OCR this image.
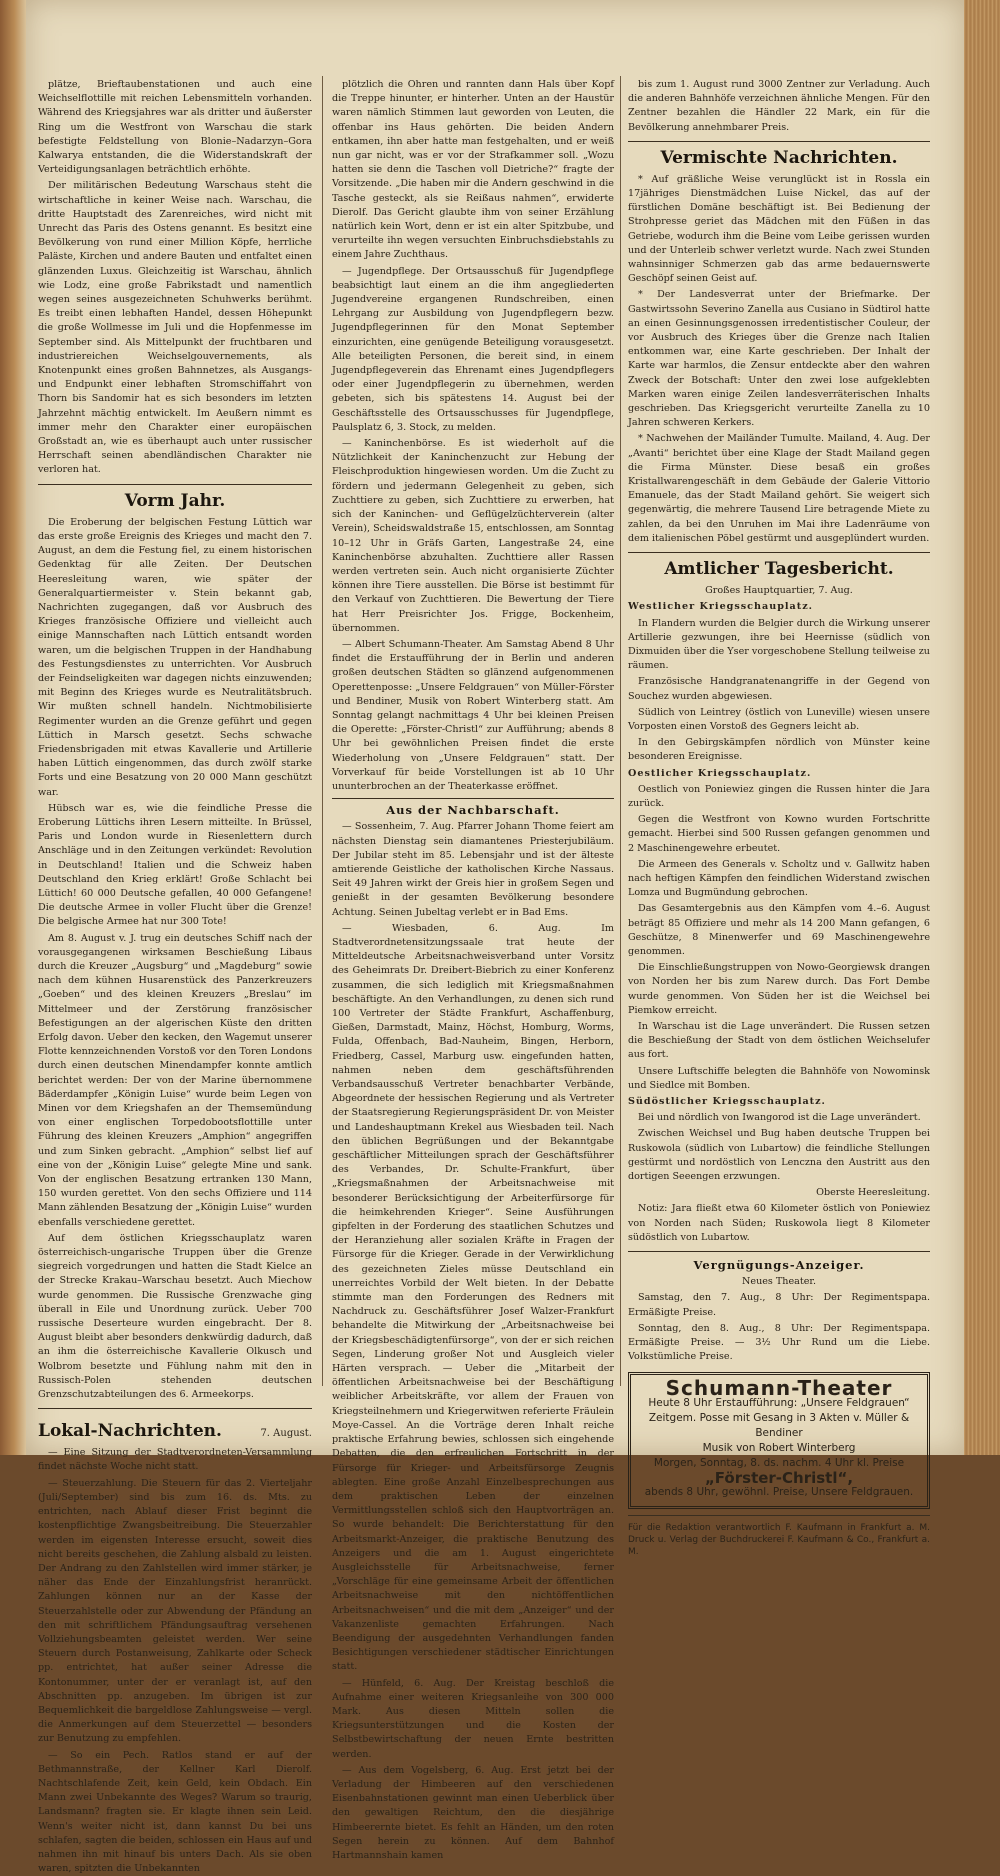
plätze, Brieftaubenstationen und auch eine Weichselflottille mit reichen Lebensmitteln vorhanden. Während des Kriegsjahres war als dritter und äußerster Ring um die Westfront von Warschau die stark befestigte Feldstellung von Blonie–Nadarzyn–Gora Kalwarya entstanden, die die Widerstandskraft der Verteidigungsanlagen beträchtlich erhöhte.

Der militärischen Bedeutung Warschaus steht die wirtschaftliche in keiner Weise nach. Warschau, die dritte Hauptstadt des Zarenreiches, wird nicht mit Unrecht das Paris des Ostens genannt. Es besitzt eine Bevölkerung von rund einer Million Köpfe, herrliche Paläste, Kirchen und andere Bauten und entfaltet einen glänzenden Luxus. Gleichzeitig ist Warschau, ähnlich wie Lodz, eine große Fabrikstadt und namentlich wegen seines ausgezeichneten Schuhwerks berühmt. Es treibt einen lebhaften Handel, dessen Höhepunkt die große Wollmesse im Juli und die Hopfenmesse im September sind. Als Mittelpunkt der fruchtbaren und industriereichen Weichselgouvernements, als Knotenpunkt eines großen Bahnnetzes, als Ausgangs- und Endpunkt einer lebhaften Stromschiffahrt von Thorn bis Sandomir hat es sich besonders im letzten Jahrzehnt mächtig entwickelt. Im Aeußern nimmt es immer mehr den Charakter einer europäischen Großstadt an, wie es überhaupt auch unter russischer Herrschaft seinen abendländischen Charakter nie verloren hat.

Vorm Jahr.

Die Eroberung der belgischen Festung Lüttich war das erste große Ereignis des Krieges und macht den 7. August, an dem die Festung fiel, zu einem historischen Gedenktag für alle Zeiten. Der Deutschen Heeresleitung waren, wie später der Generalquartiermeister v. Stein bekannt gab, Nachrichten zugegangen, daß vor Ausbruch des Krieges französische Offiziere und vielleicht auch einige Mannschaften nach Lüttich entsandt worden waren, um die belgischen Truppen in der Handhabung des Festungsdienstes zu unterrichten. Vor Ausbruch der Feindseligkeiten war dagegen nichts einzuwenden; mit Beginn des Krieges wurde es Neutralitätsbruch. Wir mußten schnell handeln. Nichtmobilisierte Regimenter wurden an die Grenze geführt und gegen Lüttich in Marsch gesetzt. Sechs schwache Friedensbrigaden mit etwas Kavallerie und Artillerie haben Lüttich eingenommen, das durch zwölf starke Forts und eine Besatzung von 20 000 Mann geschützt war.

Hübsch war es, wie die feindliche Presse die Eroberung Lüttichs ihren Lesern mitteilte. In Brüssel, Paris und London wurde in Riesenlettern durch Anschläge und in den Zeitungen verkündet: Revolution in Deutschland! Italien und die Schweiz haben Deutschland den Krieg erklärt! Große Schlacht bei Lüttich! 60 000 Deutsche gefallen, 40 000 Gefangene! Die deutsche Armee in voller Flucht über die Grenze! Die belgische Armee hat nur 300 Tote!

Am 8. August v. J. trug ein deutsches Schiff nach der vorausgegangenen wirksamen Beschießung Libaus durch die Kreuzer „Augsburg“ und „Magdeburg“ sowie nach dem kühnen Husarenstück des Panzerkreuzers „Goeben“ und des kleinen Kreuzers „Breslau“ im Mittelmeer und der Zerstörung französischer Befestigungen an der algerischen Küste den dritten Erfolg davon. Ueber den kecken, den Wagemut unserer Flotte kennzeichnenden Vorstoß vor den Toren Londons durch einen deutschen Minendampfer konnte amtlich berichtet werden: Der von der Marine übernommene Bäderdampfer „Königin Luise“ wurde beim Legen von Minen vor dem Kriegshafen an der Themsemündung von einer englischen Torpedobootsflottille unter Führung des kleinen Kreuzers „Amphion“ angegriffen und zum Sinken gebracht. „Amphion“ selbst lief auf eine von der „Königin Luise“ gelegte Mine und sank. Von der englischen Besatzung ertranken 130 Mann, 150 wurden gerettet. Von den sechs Offiziere und 114 Mann zählenden Besatzung der „Königin Luise“ wurden ebenfalls verschiedene gerettet.

Auf dem östlichen Kriegsschauplatz waren österreichisch-ungarische Truppen über die Grenze siegreich vorgedrungen und hatten die Stadt Kielce an der Strecke Krakau–Warschau besetzt. Auch Miechow wurde genommen. Die Russische Grenzwache ging überall in Eile und Unordnung zurück. Ueber 700 russische Deserteure wurden eingebracht. Der 8. August bleibt aber besonders denkwürdig dadurch, daß an ihm die österreichische Kavallerie Olkusch und Wolbrom besetzte und Fühlung nahm mit den in Russisch-Polen stehenden deutschen Grenzschutzabteilungen des 6. Armeekorps.

Lokal-Nachrichten.	7. August.

— Eine Sitzung der Stadtverordneten-Versammlung findet nächste Woche nicht statt.

— Steuerzahlung. Die Steuern für das 2. Vierteljahr (Juli/September) sind bis zum 16. ds. Mts. zu entrichten, nach Ablauf dieser Frist beginnt die kostenpflichtige Zwangsbeitreibung. Die Steuerzahler werden im eigensten Interesse ersucht, soweit dies nicht bereits geschehen, die Zahlung alsbald zu leisten. Der Andrang zu den Zahlstellen wird immer stärker, je näher das Ende der Einzahlungsfrist heranrückt. Zahlungen können nur an der Kasse der Steuerzahlstelle oder zur Abwendung der Pfändung an den mit schriftlichem Pfändungsauftrag versehenen Vollziehungsbeamten geleistet werden. Wer seine Steuern durch Postanweisung, Zahlkarte oder Scheck pp. entrichtet, hat außer seiner Adresse die Kontonummer, unter der er veranlagt ist, auf den Abschnitten pp. anzugeben. Im übrigen ist zur Bequemlichkeit die bargeldlose Zahlungsweise — vergl. die Anmerkungen auf dem Steuerzettel — besonders zur Benutzung zu empfehlen.

— So ein Pech. Ratlos stand er auf der Bethmannstraße, der Kellner Karl Dierolf. Nachtschlafende Zeit, kein Geld, kein Obdach. Ein Mann zwei Unbekannte des Weges? Warum so traurig, Landsmann? fragten sie. Er klagte ihnen sein Leid. Wenn's weiter nicht ist, dann kannst Du bei uns schlafen, sagten die beiden, schlossen ein Haus auf und nahmen ihn mit hinauf bis unters Dach. Als sie oben waren, spitzten die Unbekannten

plötzlich die Ohren und rannten dann Hals über Kopf die Treppe hinunter, er hinterher. Unten an der Haustür waren nämlich Stimmen laut geworden von Leuten, die offenbar ins Haus gehörten. Die beiden Andern entkamen, ihn aber hatte man festgehalten, und er weiß nun gar nicht, was er vor der Strafkammer soll. „Wozu hatten sie denn die Taschen voll Dietriche?“ fragte der Vorsitzende. „Die haben mir die Andern geschwind in die Tasche gesteckt, als sie Reißaus nahmen“, erwiderte Dierolf. Das Gericht glaubte ihm von seiner Erzählung natürlich kein Wort, denn er ist ein alter Spitzbube, und verurteilte ihn wegen versuchten Einbruchsdiebstahls zu einem Jahre Zuchthaus.

— Jugendpflege. Der Ortsausschuß für Jugendpflege beabsichtigt laut einem an die ihm angegliederten Jugendvereine ergangenen Rundschreiben, einen Lehrgang zur Ausbildung von Jugendpflegern bezw. Jugendpflegerinnen für den Monat September einzurichten, eine genügende Beteiligung vorausgesetzt. Alle beteiligten Personen, die bereit sind, in einem Jugendpflegeverein das Ehrenamt eines Jugendpflegers oder einer Jugendpflegerin zu übernehmen, werden gebeten, sich bis spätestens 14. August bei der Geschäftsstelle des Ortsausschusses für Jugendpflege, Paulsplatz 6, 3. Stock, zu melden.

— Kaninchenbörse. Es ist wiederholt auf die Nützlichkeit der Kaninchenzucht zur Hebung der Fleischproduktion hingewiesen worden. Um die Zucht zu fördern und jedermann Gelegenheit zu geben, sich Zuchttiere zu geben, sich Zuchttiere zu erwerben, hat sich der Kaninchen- und Geflügelzüchterverein (alter Verein), Scheidswaldstraße 15, entschlossen, am Sonntag 10–12 Uhr in Gräfs Garten, Langestraße 24, eine Kaninchenbörse abzuhalten. Zuchttiere aller Rassen werden vertreten sein. Auch nicht organisierte Züchter können ihre Tiere ausstellen. Die Börse ist bestimmt für den Verkauf von Zuchttieren. Die Bewertung der Tiere hat Herr Preisrichter Jos. Frigge, Bockenheim, übernommen.

— Albert Schumann-Theater. Am Samstag Abend 8 Uhr findet die Erstaufführung der in Berlin und anderen großen deutschen Städten so glänzend aufgenommenen Operettenposse: „Unsere Feldgrauen“ von Müller-Förster und Bendiner, Musik von Robert Winterberg statt. Am Sonntag gelangt nachmittags 4 Uhr bei kleinen Preisen die Operette: „Förster-Christl“ zur Aufführung; abends 8 Uhr bei gewöhnlichen Preisen findet die erste Wiederholung von „Unsere Feldgrauen“ statt. Der Vorverkauf für beide Vorstellungen ist ab 10 Uhr ununterbrochen an der Theaterkasse eröffnet.

Aus der Nachbarschaft.

— Sossenheim, 7. Aug. Pfarrer Johann Thome feiert am nächsten Dienstag sein diamantenes Priesterjubiläum. Der Jubilar steht im 85. Lebensjahr und ist der älteste amtierende Geistliche der katholischen Kirche Nassaus. Seit 49 Jahren wirkt der Greis hier in großem Segen und genießt in der gesamten Bevölkerung besondere Achtung. Seinen Jubeltag verlebt er in Bad Ems.

— Wiesbaden, 6. Aug. Im Stadtverordnetensitzungssaale trat heute der Mitteldeutsche Arbeitsnachweisverband unter Vorsitz des Geheimrats Dr. Dreibert-Biebrich zu einer Konferenz zusammen, die sich lediglich mit Kriegsmaßnahmen beschäftigte. An den Verhandlungen, zu denen sich rund 100 Vertreter der Städte Frankfurt, Aschaffenburg, Gießen, Darmstadt, Mainz, Höchst, Homburg, Worms, Fulda, Offenbach, Bad-Nauheim, Bingen, Herborn, Friedberg, Cassel, Marburg usw. eingefunden hatten, nahmen neben dem geschäftsführenden Verbandsausschuß Vertreter benachbarter Verbände, Abgeordnete der hessischen Regierung und als Vertreter der Staatsregierung Regierungspräsident Dr. von Meister und Landeshauptmann Krekel aus Wiesbaden teil. Nach den üblichen Begrüßungen und der Bekanntgabe geschäftlicher Mitteilungen sprach der Geschäftsführer des Verbandes, Dr. Schulte-Frankfurt, über „Kriegsmaßnahmen der Arbeitsnachweise mit besonderer Berücksichtigung der Arbeiterfürsorge für die heimkehrenden Krieger“. Seine Ausführungen gipfelten in der Forderung des staatlichen Schutzes und der Heranziehung aller sozialen Kräfte in Fragen der Fürsorge für die Krieger. Gerade in der Verwirklichung des gezeichneten Zieles müsse Deutschland ein unerreichtes Vorbild der Welt bieten. In der Debatte stimmte man den Forderungen des Redners mit Nachdruck zu. Geschäftsführer Josef Walzer-Frankfurt behandelte die Mitwirkung der „Arbeitsnachweise bei der Kriegsbeschädigtenfürsorge“, von der er sich reichen Segen, Linderung großer Not und Ausgleich vieler Härten versprach. — Ueber die „Mitarbeit der öffentlichen Arbeitsnachweise bei der Beschäftigung weiblicher Arbeitskräfte, vor allem der Frauen von Kriegsteilnehmern und Kriegerwitwen referierte Fräulein Moye-Cassel. An die Vorträge deren Inhalt reiche praktische Erfahrung bewies, schlossen sich eingehende Debatten, die den erfreulichen Fortschritt in der Fürsorge für Krieger- und Arbeitsfürsorge Zeugnis ablegten. Eine große Anzahl Einzelbesprechungen aus dem praktischen Leben der einzelnen Vermittlungsstellen schloß sich den Hauptvorträgen an. So wurde behandelt: Die Berichterstattung für den Arbeitsmarkt-Anzeiger, die praktische Benutzung des Anzeigers und die am 1. August eingerichtete Ausgleichsstelle für Arbeitsnachweise, ferner „Vorschläge für eine gemeinsame Arbeit der öffentlichen Arbeitsnachweise mit den nichtöffentlichen Arbeitsnachweisen“ und die mit dem „Anzeiger“ und der Vakanzenliste gemachten Erfahrungen. Nach Beendigung der ausgedehnten Verhandlungen fanden Besichtigungen verschiedener städtischer Einrichtungen statt.

— Hünfeld, 6. Aug. Der Kreistag beschloß die Aufnahme einer weiteren Kriegsanleihe von 300 000 Mark. Aus diesen Mitteln sollen die Kriegsunterstützungen und die Kosten der Selbstbewirtschaftung der neuen Ernte bestritten werden.

— Aus dem Vogelsberg, 6. Aug. Erst jetzt bei der Verladung der Himbeeren auf den verschiedenen Eisenbahnstationen gewinnt man einen Ueberblick über den gewaltigen Reichtum, den die diesjährige Himbeerernte bietet. Es fehlt an Händen, um den roten Segen herein zu können. Auf dem Bahnhof Hartmannshain kamen

bis zum 1. August rund 3000 Zentner zur Verladung. Auch die anderen Bahnhöfe verzeichnen ähnliche Mengen. Für den Zentner bezahlen die Händler 22 Mark, ein für die Bevölkerung annehmbarer Preis.

Vermischte Nachrichten.

* Auf gräßliche Weise verunglückt ist in Rossla ein 17jähriges Dienstmädchen Luise Nickel, das auf der fürstlichen Domäne beschäftigt ist. Bei Bedienung der Strohpresse geriet das Mädchen mit den Füßen in das Getriebe, wodurch ihm die Beine vom Leibe gerissen wurden und der Unterleib schwer verletzt wurde. Nach zwei Stunden wahnsinniger Schmerzen gab das arme bedauernswerte Geschöpf seinen Geist auf.

* Der Landesverrat unter der Briefmarke. Der Gastwirtssohn Severino Zanella aus Cusiano in Südtirol hatte an einen Gesinnungsgenossen irredentistischer Couleur, der vor Ausbruch des Krieges über die Grenze nach Italien entkommen war, eine Karte geschrieben. Der Inhalt der Karte war harmlos, die Zensur entdeckte aber den wahren Zweck der Botschaft: Unter den zwei lose aufgeklebten Marken waren einige Zeilen landesverräterischen Inhalts geschrieben. Das Kriegsgericht verurteilte Zanella zu 10 Jahren schweren Kerkers.

* Nachwehen der Mailänder Tumulte. Mailand, 4. Aug. Der „Avanti“ berichtet über eine Klage der Stadt Mailand gegen die Firma Münster. Diese besaß ein großes Kristallwarengeschäft in dem Gebäude der Galerie Vittorio Emanuele, das der Stadt Mailand gehört. Sie weigert sich gegenwärtig, die mehrere Tausend Lire betragende Miete zu zahlen, da bei den Unruhen im Mai ihre Ladenräume von dem italienischen Pöbel gestürmt und ausgeplündert wurden.

Amtlicher Tagesbericht.

Großes Hauptquartier, 7. Aug.

Westlicher Kriegsschauplatz.

In Flandern wurden die Belgier durch die Wirkung unserer Artillerie gezwungen, ihre bei Heernisse (südlich von Dixmuiden über die Yser vorgeschobene Stellung teilweise zu räumen.

Französische Handgranatenangriffe in der Gegend von Souchez wurden abgewiesen.

Südlich von Leintrey (östlich von Luneville) wiesen unsere Vorposten einen Vorstoß des Gegners leicht ab.

In den Gebirgskämpfen nördlich von Münster keine besonderen Ereignisse.

Oestlicher Kriegsschauplatz.

Oestlich von Poniewiez gingen die Russen hinter die Jara zurück.

Gegen die Westfront von Kowno wurden Fortschritte gemacht. Hierbei sind 500 Russen gefangen genommen und 2 Maschinengewehre erbeutet.

Die Armeen des Generals v. Scholtz und v. Gallwitz haben nach heftigen Kämpfen den feindlichen Widerstand zwischen Lomza und Bugmündung gebrochen.

Das Gesamtergebnis aus den Kämpfen vom 4.–6. August beträgt 85 Offiziere und mehr als 14 200 Mann gefangen, 6 Geschütze, 8 Minenwerfer und 69 Maschinengewehre genommen.

Die Einschließungstruppen von Nowo-Georgiewsk drangen von Norden her bis zum Narew durch. Das Fort Dembe wurde genommen. Von Süden her ist die Weichsel bei Piemkow erreicht.

In Warschau ist die Lage unverändert. Die Russen setzen die Beschießung der Stadt von dem östlichen Weichselufer aus fort.

Unsere Luftschiffe belegten die Bahnhöfe von Nowominsk und Siedlce mit Bomben.

Südöstlicher Kriegsschauplatz.

Bei und nördlich von Iwangorod ist die Lage unverändert.

Zwischen Weichsel und Bug haben deutsche Truppen bei Ruskowola (südlich von Lubartow) die feindliche Stellungen gestürmt und nordöstlich von Lenczna den Austritt aus den dortigen Seeengen erzwungen.

Oberste Heeresleitung.

Notiz: Jara fließt etwa 60 Kilometer östlich von Poniewiez von Norden nach Süden; Ruskowola liegt 8 Kilometer südöstlich von Lubartow.

Vergnügungs-Anzeiger.

Neues Theater.

Samstag, den 7. Aug., 8 Uhr: Der Regimentspapa. Ermäßigte Preise.

Sonntag, den 8. Aug., 8 Uhr: Der Regimentspapa. Ermäßigte Preise. — 3½ Uhr Rund um die Liebe. Volkstümliche Preise.

Schumann-Theater
Heute 8 Uhr Erstaufführung: „Unsere Feldgrauen“
Zeitgem. Posse mit Gesang in 3 Akten v. Müller & Bendiner
Musik von Robert Winterberg
Morgen, Sonntag, 8. ds. nachm. 4 Uhr kl. Preise
„Förster-Christl“,
abends 8 Uhr, gewöhnl. Preise, Unsere Feldgrauen.
Für die Redaktion verantwortlich F. Kaufmann in Frankfurt a. M. Druck u. Verlag der Buchdruckerei F. Kaufmann & Co., Frankfurt a. M.
